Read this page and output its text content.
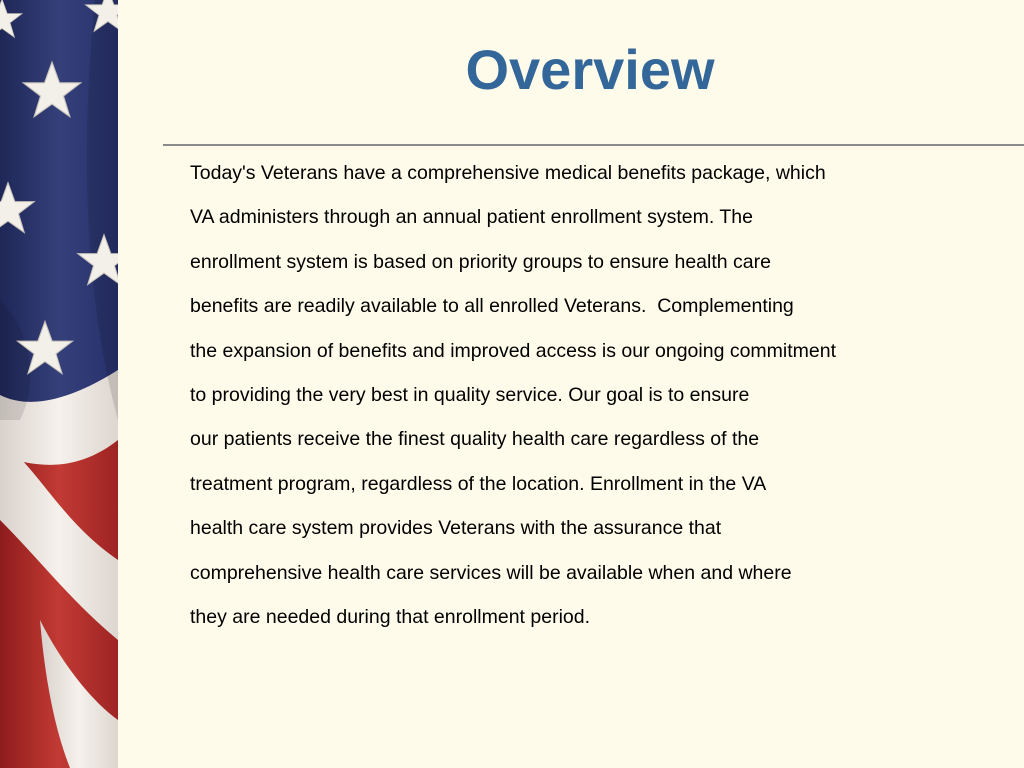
Overview
Today's Veterans have a comprehensive medical benefits package, which
VA administers through an annual patient enrollment system. The
enrollment system is based on priority groups to ensure health care
benefits are readily available to all enrolled Veterans.  Complementing
the expansion of benefits and improved access is our ongoing commitment
to providing the very best in quality service. Our goal is to ensure
our patients receive the finest quality health care regardless of the
treatment program, regardless of the location. Enrollment in the VA
health care system provides Veterans with the assurance that
comprehensive health care services will be available when and where
they are needed during that enrollment period.
